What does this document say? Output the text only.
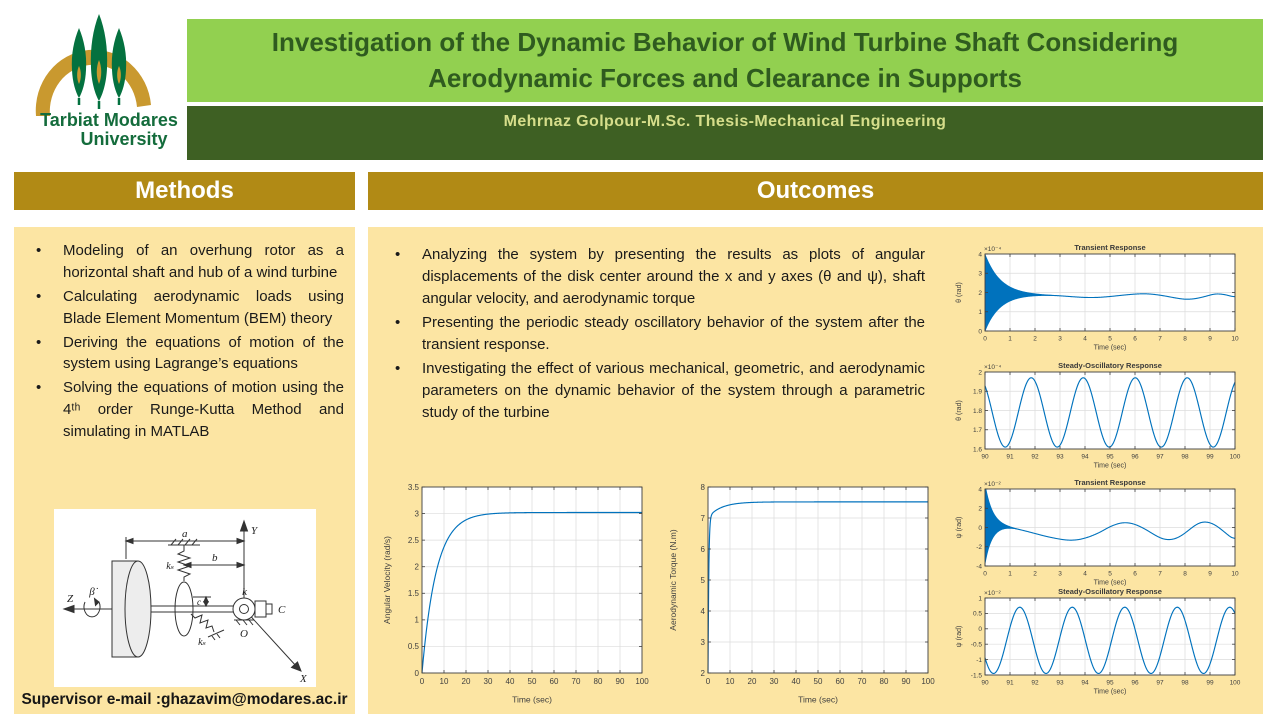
Tarbiat Modares
University
Investigation of the Dynamic Behavior of Wind Turbine Shaft Considering Aerodynamic Forces and Clearance in Supports
Mehrnaz Golpour-M.Sc. Thesis-Mechanical Engineering
Methods	Outcomes
• Modeling of an overhung rotor as a horizontal shaft and hub of a wind turbine
• Calculating aerodynamic loads using Blade Element Momentum (BEM) theory
• Deriving the equations of motion of the system using Lagrange’s equations
• Solving the equations of motion using the 4ᵗʰ order Runge-Kutta Method and simulating in MATLAB
Y
Z
X
a
b
c
k
kₛ
kₛ
C
O
β̇
Supervisor e-mail :ghazavim@modares.ac.ir
• Analyzing the system by presenting the results as plots of angular displacements of the disk center around the x and y axes (θ and ψ), shaft angular velocity, and aerodynamic torque
• Presenting the periodic steady oscillatory behavior of the system after the transient response.
• Investigating the effect of various mechanical, geometric, and aerodynamic parameters on the dynamic behavior of the system through a parametric study of the turbine
0 10 20 30 40 50 60 70 80 90 100
0
0.5
1
1.5
2
2.5
3
3.5
Time (sec)
Angular Velocity (rad/s)
0 10 20 30 40 50 60 70 80 90 100
2
3
4
5
6
7
8
Time (sec)
Aerodynamic Torque (N.m)
0	1	2	3	4	5	6	7	8	9	10
0
1
2
3
4
Transient Response
×10⁻⁴
Time (sec)
θ (rad)
90	91	92	93	94	95	96	97	98	99 100
1.6
1.7
1.8
1.9
2
Steady-Oscillatory Response
×10⁻⁴
Time (sec)
θ (rad)
0	1	2	3	4	5	6	7	8	9	10
-4
-2
0
2
4
Transient Response
×10⁻²
Time (sec)
ψ (rad)
90	91	92	93	94	95	96	97	98	99 100
-1.5
-1
-0.5
0
0.5
1
Steady-Oscillatory Response
×10⁻²
Time (sec)
ψ (rad)
